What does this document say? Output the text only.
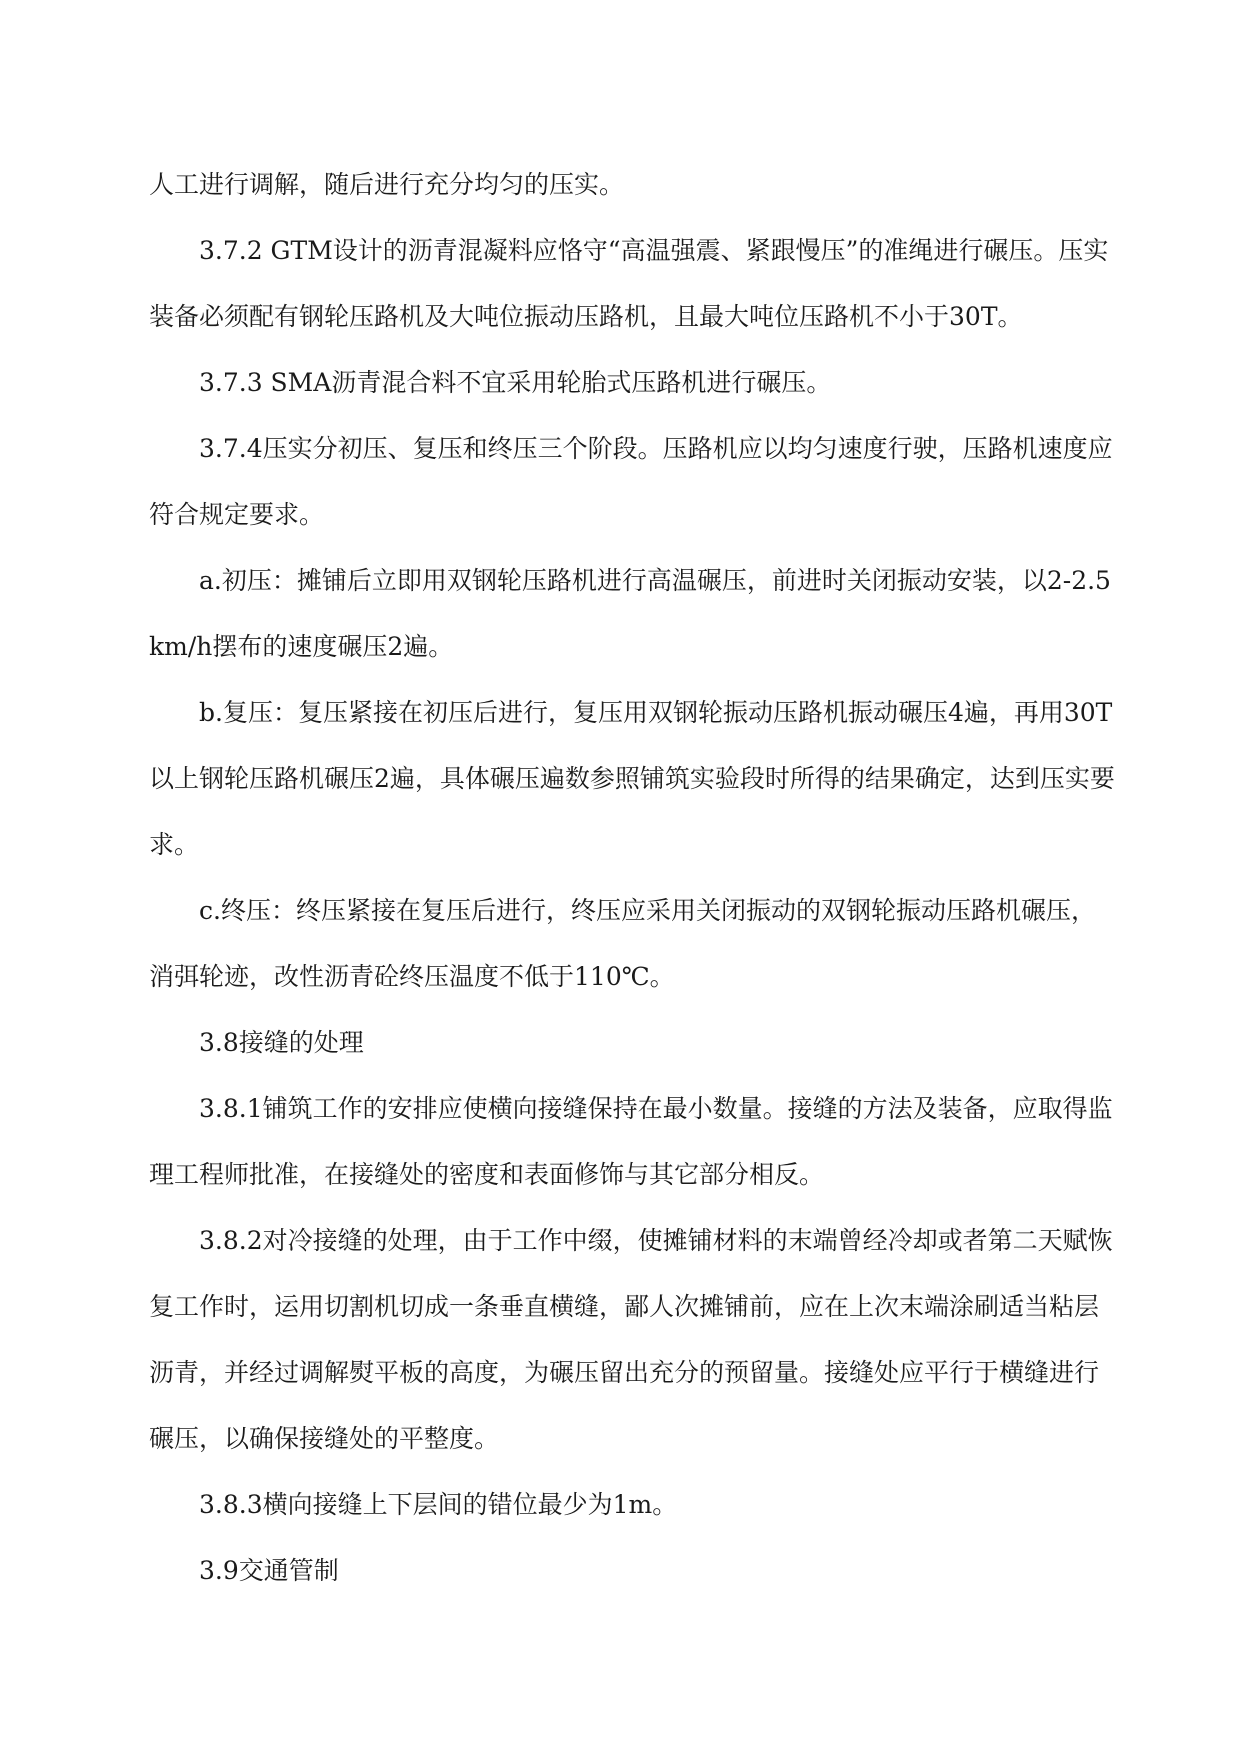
人工进行调解，随后进行充分均匀的压实。

3.7.2 GTM设计的沥青混凝料应恪守“高温强震、紧跟慢压”的准绳进行碾压。压实装备必须配有钢轮压路机及大吨位振动压路机，且最大吨位压路机不小于30T。

3.7.3 SMA沥青混合料不宜采用轮胎式压路机进行碾压。

3.7.4压实分初压、复压和终压三个阶段。压路机应以均匀速度行驶，压路机速度应符合规定要求。

a.初压：摊铺后立即用双钢轮压路机进行高温碾压，前进时关闭振动安装，以2-2.5km/h摆布的速度碾压2遍。

b.复压：复压紧接在初压后进行，复压用双钢轮振动压路机振动碾压4遍，再用30T以上钢轮压路机碾压2遍，具体碾压遍数参照铺筑实验段时所得的结果确定，达到压实要求。

c.终压：终压紧接在复压后进行，终压应采用关闭振动的双钢轮振动压路机碾压，消弭轮迹，改性沥青砼终压温度不低于110℃。

3.8接缝的处理

3.8.1铺筑工作的安排应使横向接缝保持在最小数量。接缝的方法及装备，应取得监理工程师批准，在接缝处的密度和表面修饰与其它部分相反。

3.8.2对冷接缝的处理，由于工作中缀，使摊铺材料的末端曾经冷却或者第二天赋恢复工作时，运用切割机切成一条垂直横缝，鄙人次摊铺前，应在上次末端涂刷适当粘层沥青，并经过调解熨平板的高度，为碾压留出充分的预留量。接缝处应平行于横缝进行碾压，以确保接缝处的平整度。

3.8.3横向接缝上下层间的错位最少为1m。

3.9交通管制
